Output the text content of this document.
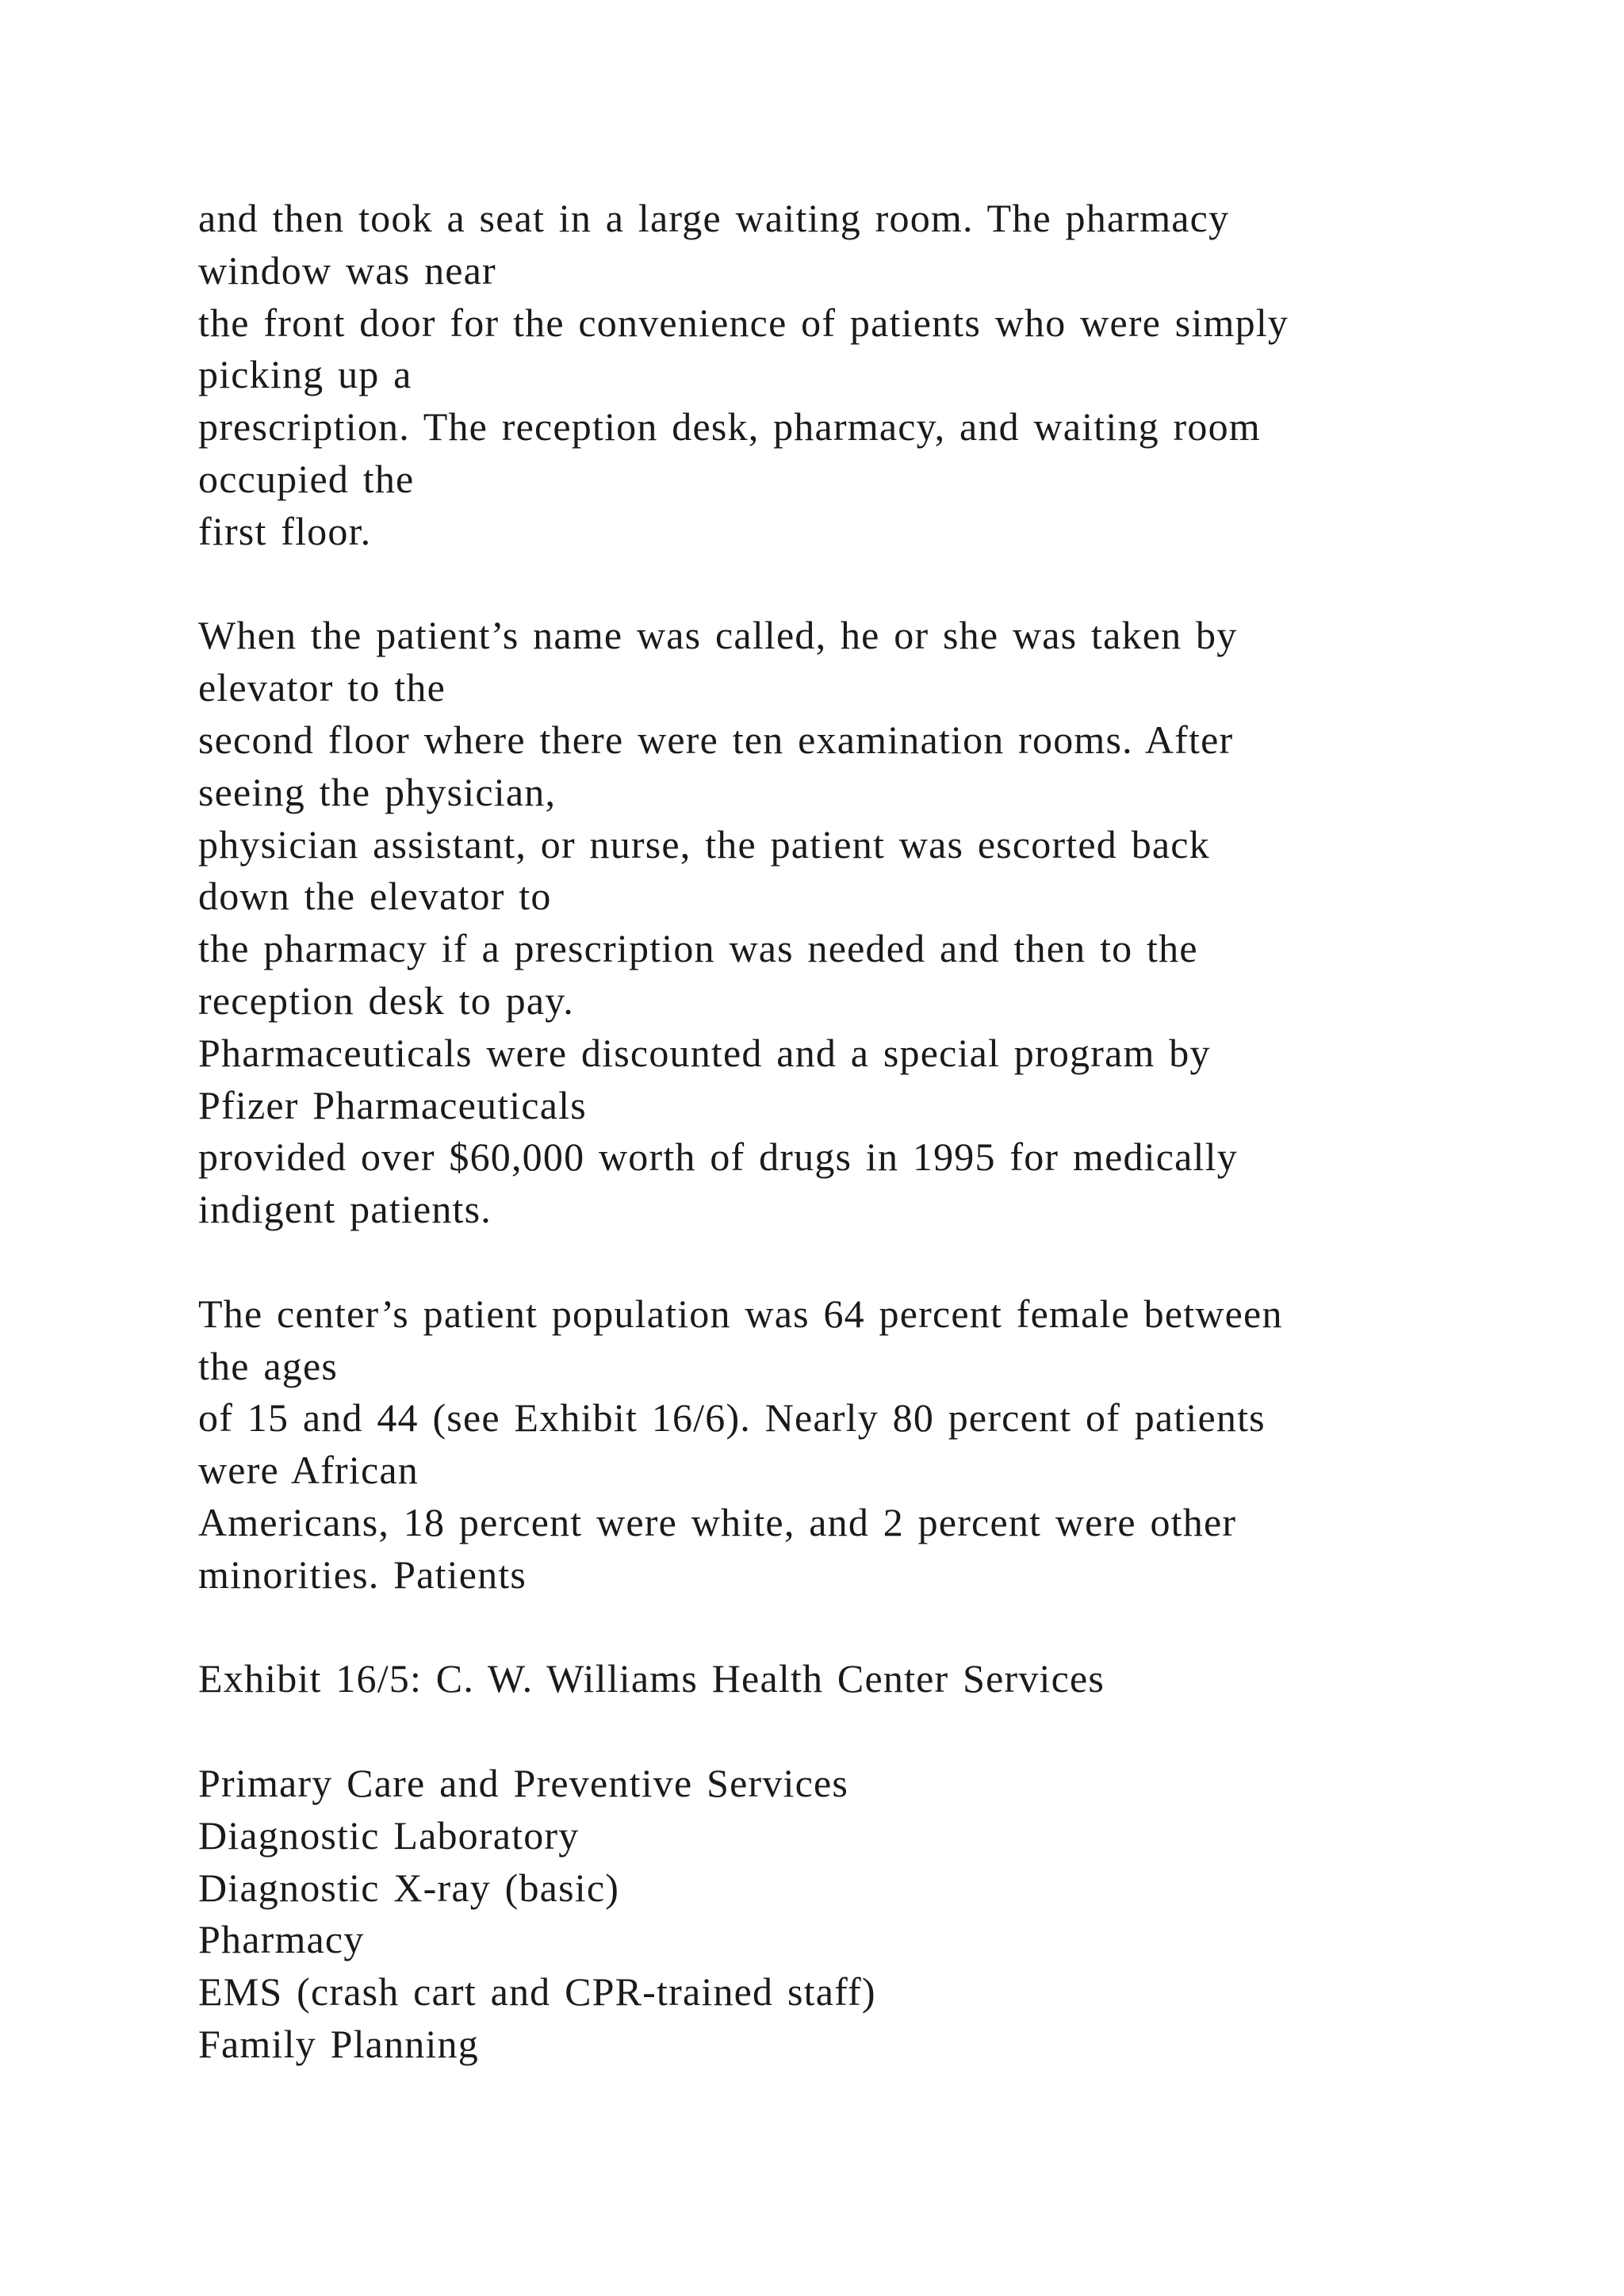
and then took a seat in a large waiting room. The pharmacy
window was near
the front door for the convenience of patients who were simply
picking up a
prescription. The reception desk, pharmacy, and waiting room
occupied the
first floor.
When the patient’s name was called, he or she was taken by
elevator to the
second floor where there were ten examination rooms. After
seeing the physician,
physician assistant, or nurse, the patient was escorted back
down the elevator to
the pharmacy if a prescription was needed and then to the
reception desk to pay.
Pharmaceuticals were discounted and a special program by
Pfizer Pharmaceuticals
provided over $60,000 worth of drugs in 1995 for medically
indigent patients.
The center’s patient population was 64 percent female between
the ages
of 15 and 44 (see Exhibit 16/6). Nearly 80 percent of patients
were African
Americans, 18 percent were white, and 2 percent were other
minorities. Patients
Exhibit 16/5: C. W. Williams Health Center Services
Primary Care and Preventive Services
Diagnostic Laboratory
Diagnostic X-ray (basic)
Pharmacy
EMS (crash cart and CPR-trained staff)
Family Planning
